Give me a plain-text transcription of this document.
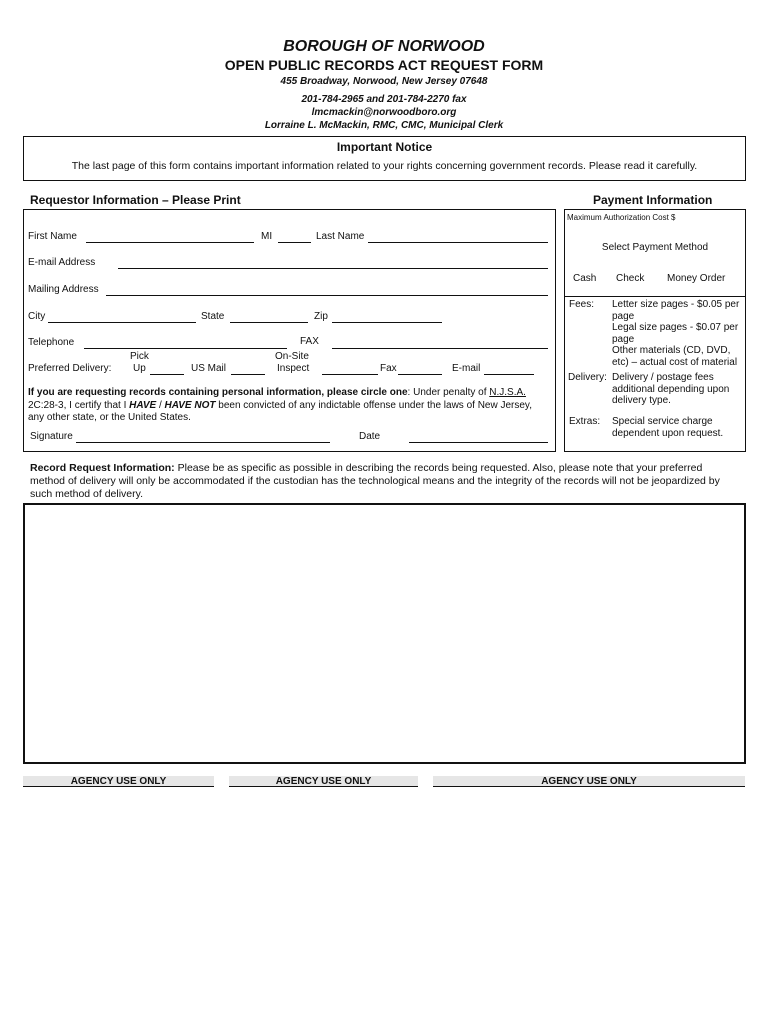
BOROUGH OF NORWOOD
OPEN PUBLIC RECORDS ACT REQUEST FORM
455 Broadway, Norwood, New Jersey 07648
201-784-2965 and 201-784-2270 fax
lmcmackin@norwoodboro.org
Lorraine L. McMackin, RMC, CMC, Municipal Clerk
Important Notice
The last page of this form contains important information related to your rights concerning government records. Please read it carefully.
Requestor Information – Please Print	Payment Information
First Name	MI	Last Name
E-mail Address
Mailing Address
City	State	Zip
Telephone	FAX
Pick	On-Site
Preferred Delivery: Up	US Mail	Inspect	Fax	E-mail
If you are requesting records containing personal information, please circle one: Under penalty of N.J.S.A.
2C:28-3, I certify that I HAVE / HAVE NOT been convicted of any indictable offense under the laws of New Jersey, any other state, or the United States.
Signature	Date
Maximum Authorization Cost $
Select Payment Method
Cash Check Money Order
Fees: Letter size pages - $0.05 per page
Legal size pages - $0.07 per page
Other materials (CD, DVD, etc) – actual cost of material
Delivery: Delivery / postage fees additional depending upon delivery type.
Extras: Special service charge dependent upon request.
Record Request Information: Please be as specific as possible in describing the records being requested. Also, please note that your preferred method of delivery will only be accommodated if the custodian has the technological means and the integrity of the records will not be jeopardized by such method of delivery.
AGENCY USE ONLY	AGENCY USE ONLY	AGENCY USE ONLY
